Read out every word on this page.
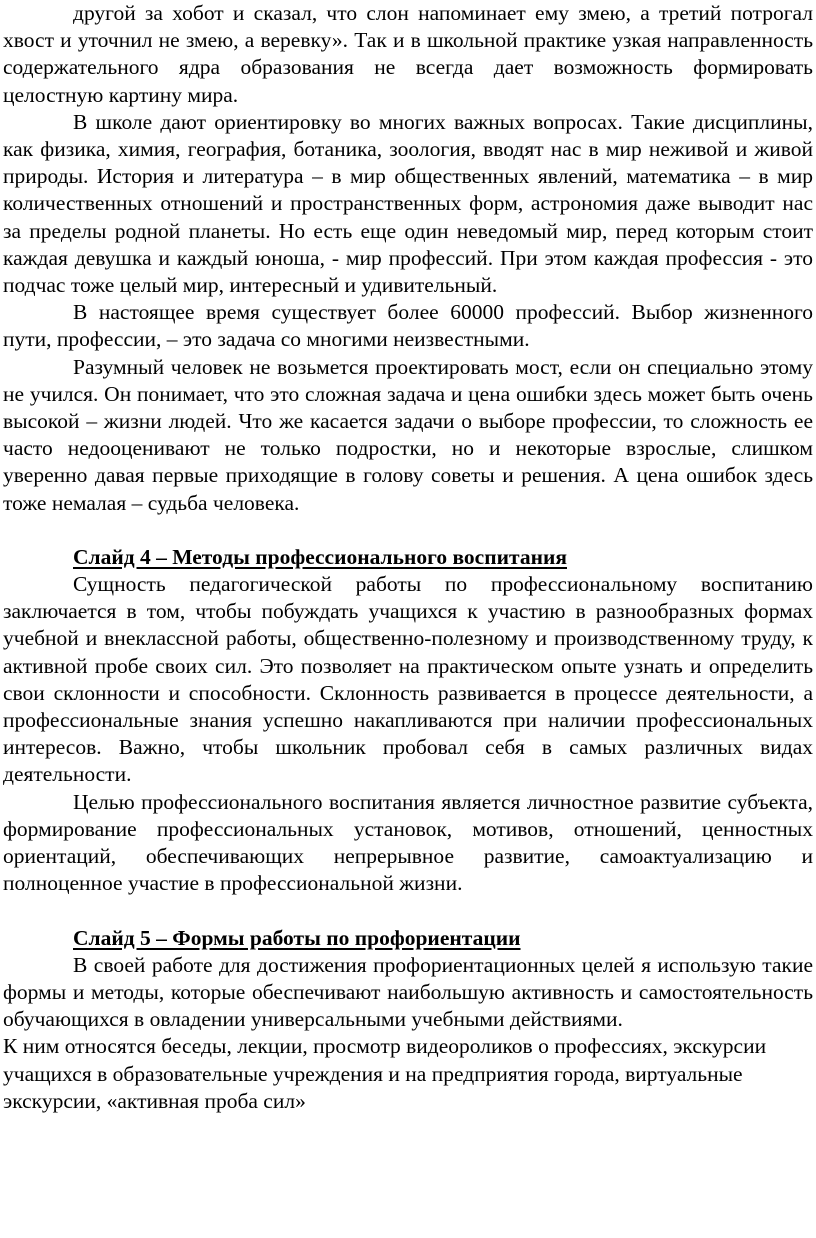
другой за хобот и сказал, что слон напоминает ему змею, а третий потрогал хвост и уточнил не змею, а веревку». Так и в школьной практике узкая направленность содержательного ядра образования не всегда дает возможность формировать целостную картину мира.

В школе дают ориентировку во многих важных вопросах. Такие дисциплины, как физика, химия, география, ботаника, зоология, вводят нас в мир неживой и живой природы. История и литература – в мир общественных явлений, математика – в мир количественных отношений и пространственных форм, астрономия даже выводит нас за пределы родной планеты. Но есть еще один неведомый мир, перед которым стоит каждая девушка и каждый юноша, - мир профессий. При этом каждая профессия - это подчас тоже целый мир, интересный и удивительный.

В настоящее время существует более 60000 профессий. Выбор жизненного пути, профессии, – это задача со многими неизвестными.

Разумный человек не возьмется проектировать мост, если он специально этому не учился. Он понимает, что это сложная задача и цена ошибки здесь может быть очень высокой – жизни людей. Что же касается задачи о выборе профессии, то сложность ее часто недооценивают не только подростки, но и некоторые взрослые, слишком уверенно давая первые приходящие в голову советы и решения. А цена ошибок здесь тоже немалая – судьба человека.

Слайд 4 – Методы профессионального воспитания

Сущность педагогической работы по профессиональному воспитанию заключается в том, чтобы побуждать учащихся к участию в разнообразных формах учебной и внеклассной работы, общественно-полезному и производственному труду, к активной пробе своих сил. Это позволяет на практическом опыте узнать и определить свои склонности и способности. Склонность развивается в процессе деятельности, а профессиональные знания успешно накапливаются при наличии профессиональных интересов. Важно, чтобы школьник пробовал себя в самых различных видах деятельности.

Целью профессионального воспитания является личностное развитие субъекта, формирование профессиональных установок, мотивов, отношений, ценностных ориентаций, обеспечивающих непрерывное развитие, самоактуализацию и полноценное участие в профессиональной жизни.

Слайд 5 – Формы работы по профориентации

В своей работе для достижения профориентационных целей я использую такие формы и методы, которые обеспечивают наибольшую активность и самостоятельность обучающихся в овладении универсальными учебными действиями.

К ним относятся беседы, лекции, просмотр видеороликов о профессиях, экскурсии учащихся в образовательные учреждения и на предприятия города, виртуальные экскурсии, «активная проба сил»
